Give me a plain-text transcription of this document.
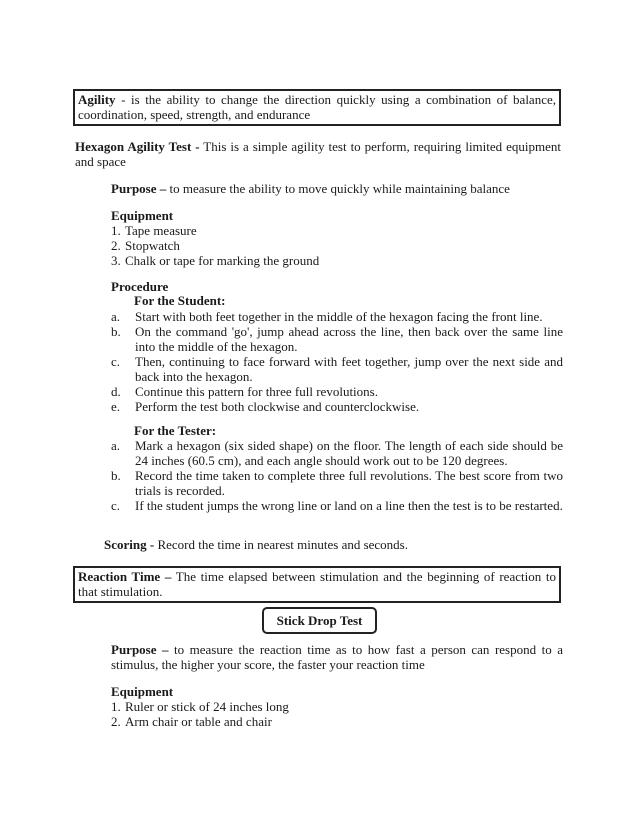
Agility - is the ability to change the direction quickly using a combination of balance, coordination, speed, strength, and endurance
Hexagon Agility Test - This is a simple agility test to perform, requiring limited equipment and space
Purpose – to measure the ability to move quickly while maintaining balance
Equipment
1. Tape measure
2. Stopwatch
3. Chalk or tape for marking the ground
Procedure
For the Student:
a. Start with both feet together in the middle of the hexagon facing the front line.
b. On the command 'go', jump ahead across the line, then back over the same line into the middle of the hexagon.
c. Then, continuing to face forward with feet together, jump over the next side and back into the hexagon.
d. Continue this pattern for three full revolutions.
e. Perform the test both clockwise and counterclockwise.
For the Tester:
a. Mark a hexagon (six sided shape) on the floor. The length of each side should be 24 inches (60.5 cm), and each angle should work out to be 120 degrees.
b. Record the time taken to complete three full revolutions. The best score from two trials is recorded.
c. If the student jumps the wrong line or land on a line then the test is to be restarted.
Scoring - Record the time in nearest minutes and seconds.
Reaction Time – The time elapsed between stimulation and the beginning of reaction to that stimulation.
Stick Drop Test
Purpose – to measure the reaction time as to how fast a person can respond to a stimulus, the higher your score, the faster your reaction time
Equipment
1. Ruler or stick of 24 inches long
2. Arm chair or table and chair
